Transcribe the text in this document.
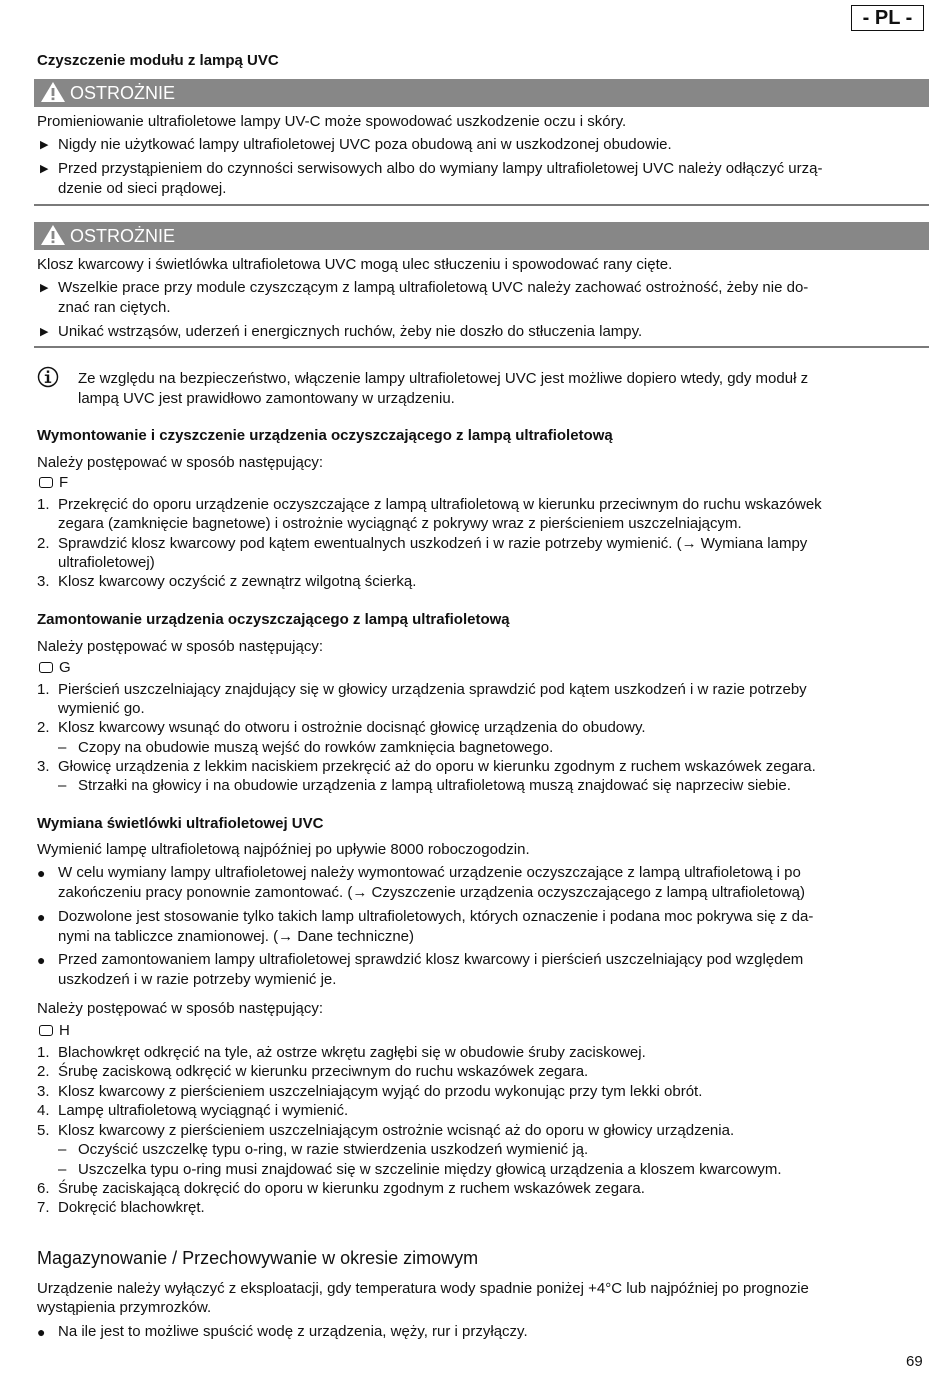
- PL -
Czyszczenie modułu z lampą UVC
OSTROŻNIE
Promieniowanie ultrafioletowe lampy UV-C może spowodować uszkodzenie oczu i skóry.
▶ Nigdy nie użytkować lampy ultrafioletowej UVC poza obudową ani w uszkodzonej obudowie.
▶ Przed przystąpieniem do czynności serwisowych albo do wymiany lampy ultrafioletowej UVC należy odłączyć urzą-
dzenie od sieci prądowej.
OSTROŻNIE
Klosz kwarcowy i świetlówka ultrafioletowa UVC mogą ulec stłuczeniu i spowodować rany cięte.
▶ Wszelkie prace przy module czyszczącym z lampą ultrafioletową UVC należy zachować ostrożność, żeby nie do-
znać ran ciętych.
▶ Unikać wstrząsów, uderzeń i energicznych ruchów, żeby nie doszło do stłuczenia lampy.
Ze względu na bezpieczeństwo, włączenie lampy ultrafioletowej UVC jest możliwe dopiero wtedy, gdy moduł z
lampą UVC jest prawidłowo zamontowany w urządzeniu.
Wymontowanie i czyszczenie urządzenia oczyszczającego z lampą ultrafioletową
Należy postępować w sposób następujący:
F
1. Przekręcić do oporu urządzenie oczyszczające z lampą ultrafioletową w kierunku przeciwnym do ruchu wskazówek
zegara (zamknięcie bagnetowe) i ostrożnie wyciągnąć z pokrywy wraz z pierścieniem uszczelniającym.
2. Sprawdzić klosz kwarcowy pod kątem ewentualnych uszkodzeń i w razie potrzeby wymienić. (→ Wymiana lampy
ultrafioletowej)
3. Klosz kwarcowy oczyścić z zewnątrz wilgotną ścierką.
Zamontowanie urządzenia oczyszczającego z lampą ultrafioletową
Należy postępować w sposób następujący:
G
1. Pierścień uszczelniający znajdujący się w głowicy urządzenia sprawdzić pod kątem uszkodzeń i w razie potrzeby
wymienić go.
2. Klosz kwarcowy wsunąć do otworu i ostrożnie docisnąć głowicę urządzenia do obudowy.
– Czopy na obudowie muszą wejść do rowków zamknięcia bagnetowego.
3. Głowicę urządzenia z lekkim naciskiem przekręcić aż do oporu w kierunku zgodnym z ruchem wskazówek zegara.
– Strzałki na głowicy i na obudowie urządzenia z lampą ultrafioletową muszą znajdować się naprzeciw siebie.
Wymiana świetlówki ultrafioletowej UVC
Wymienić lampę ultrafioletową najpóźniej po upływie 8000 roboczogodzin.
● W celu wymiany lampy ultrafioletowej należy wymontować urządzenie oczyszczające z lampą ultrafioletową i po
zakończeniu pracy ponownie zamontować. (→ Czyszczenie urządzenia oczyszczającego z lampą ultrafioletową)
● Dozwolone jest stosowanie tylko takich lamp ultrafioletowych, których oznaczenie i podana moc pokrywa się z da-
nymi na tabliczce znamionowej. (→ Dane techniczne)
● Przed zamontowaniem lampy ultrafioletowej sprawdzić klosz kwarcowy i pierścień uszczelniający pod względem
uszkodzeń i w razie potrzeby wymienić je.
Należy postępować w sposób następujący:
H
1. Blachowkręt odkręcić na tyle, aż ostrze wkrętu zagłębi się w obudowie śruby zaciskowej.
2. Śrubę zaciskową odkręcić w kierunku przeciwnym do ruchu wskazówek zegara.
3. Klosz kwarcowy z pierścieniem uszczelniającym wyjąć do przodu wykonując przy tym lekki obrót.
4. Lampę ultrafioletową wyciągnąć i wymienić.
5. Klosz kwarcowy z pierścieniem uszczelniającym ostrożnie wcisnąć aż do oporu w głowicy urządzenia.
– Oczyścić uszczelkę typu o-ring, w razie stwierdzenia uszkodzeń wymienić ją.
– Uszczelka typu o-ring musi znajdować się w szczelinie między głowicą urządzenia a kloszem kwarcowym.
6. Śrubę zaciskającą dokręcić do oporu w kierunku zgodnym z ruchem wskazówek zegara.
7. Dokręcić blachowkręt.
Magazynowanie / Przechowywanie w okresie zimowym
Urządzenie należy wyłączyć z eksploatacji, gdy temperatura wody spadnie poniżej +4°C lub najpóźniej po prognozie
wystąpienia przymrozków.
● Na ile jest to możliwe spuścić wodę z urządzenia, węży, rur i przyłączy.
69
